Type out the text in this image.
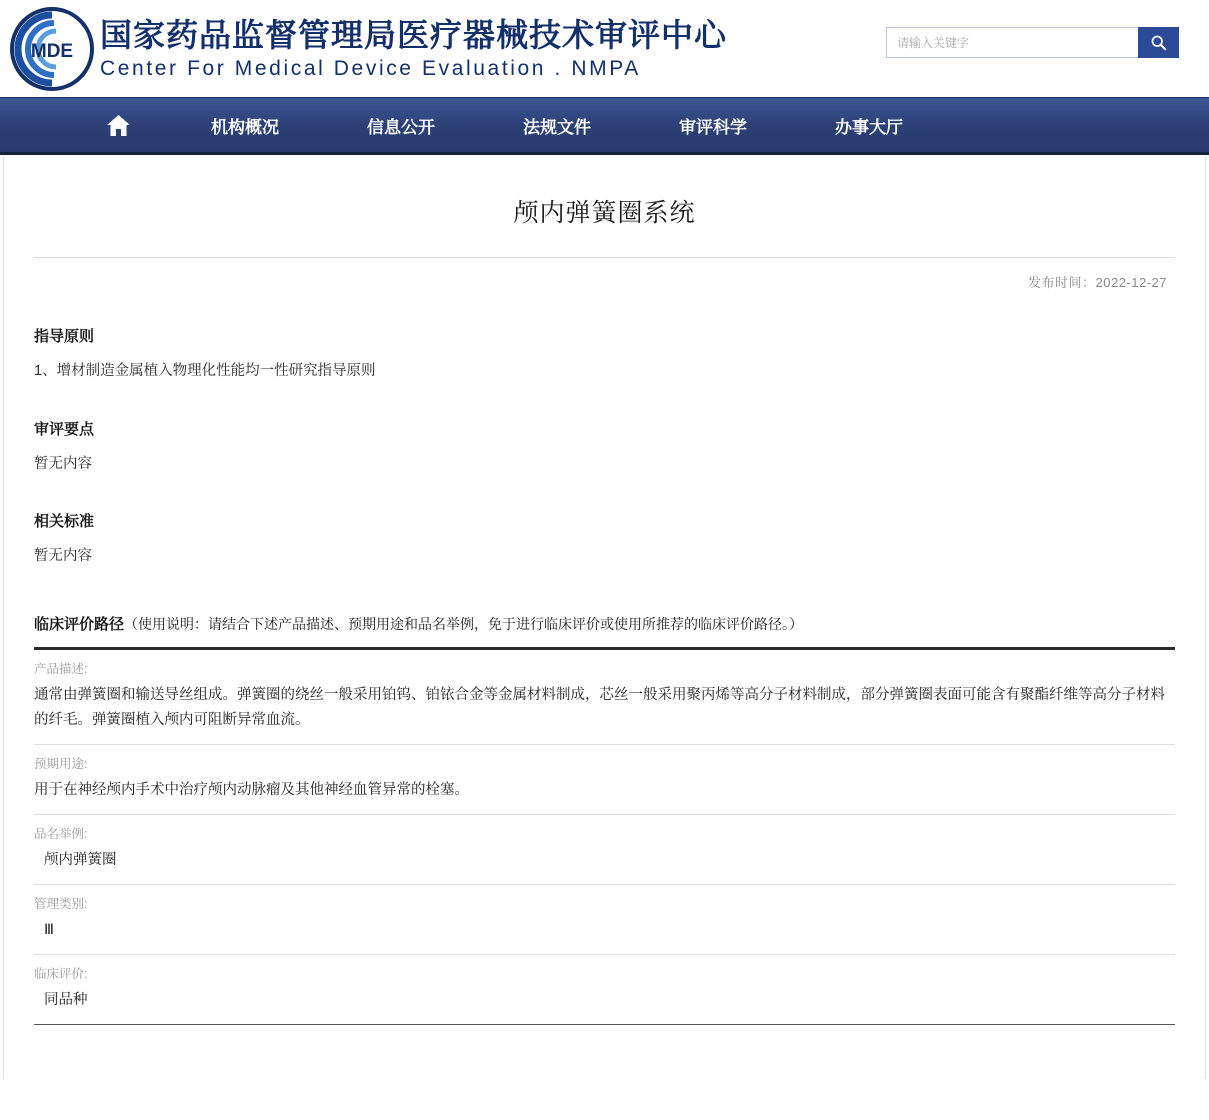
MDE 国家药品监督管理局医疗器械技术审评中心
Center For Medical Device Evaluation . NMPA
请输入关键字
机构概况	信息公开	法规文件	审评科学	办事大厅
颅内弹簧圈系统
发布时间：2022-12-27
指导原则
1、增材制造金属植入物理化性能均一性研究指导原则
审评要点
暂无内容
相关标准
暂无内容
临床评价路径（使用说明：请结合下述产品描述、预期用途和品名举例，免于进行临床评价或使用所推荐的临床评价路径。）
产品描述:
通常由弹簧圈和输送导丝组成。弹簧圈的绕丝一般采用铂钨、铂铱合金等金属材料制成，芯丝一般采用聚丙烯等高分子材料制成，部分弹簧圈表面可能含有聚酯纤维等高分子材料的纤毛。弹簧圈植入颅内可阻断异常血流。
预期用途:
用于在神经颅内手术中治疗颅内动脉瘤及其他神经血管异常的栓塞。
品名举例:
颅内弹簧圈
管理类别:
Ⅲ
临床评价:
同品种
